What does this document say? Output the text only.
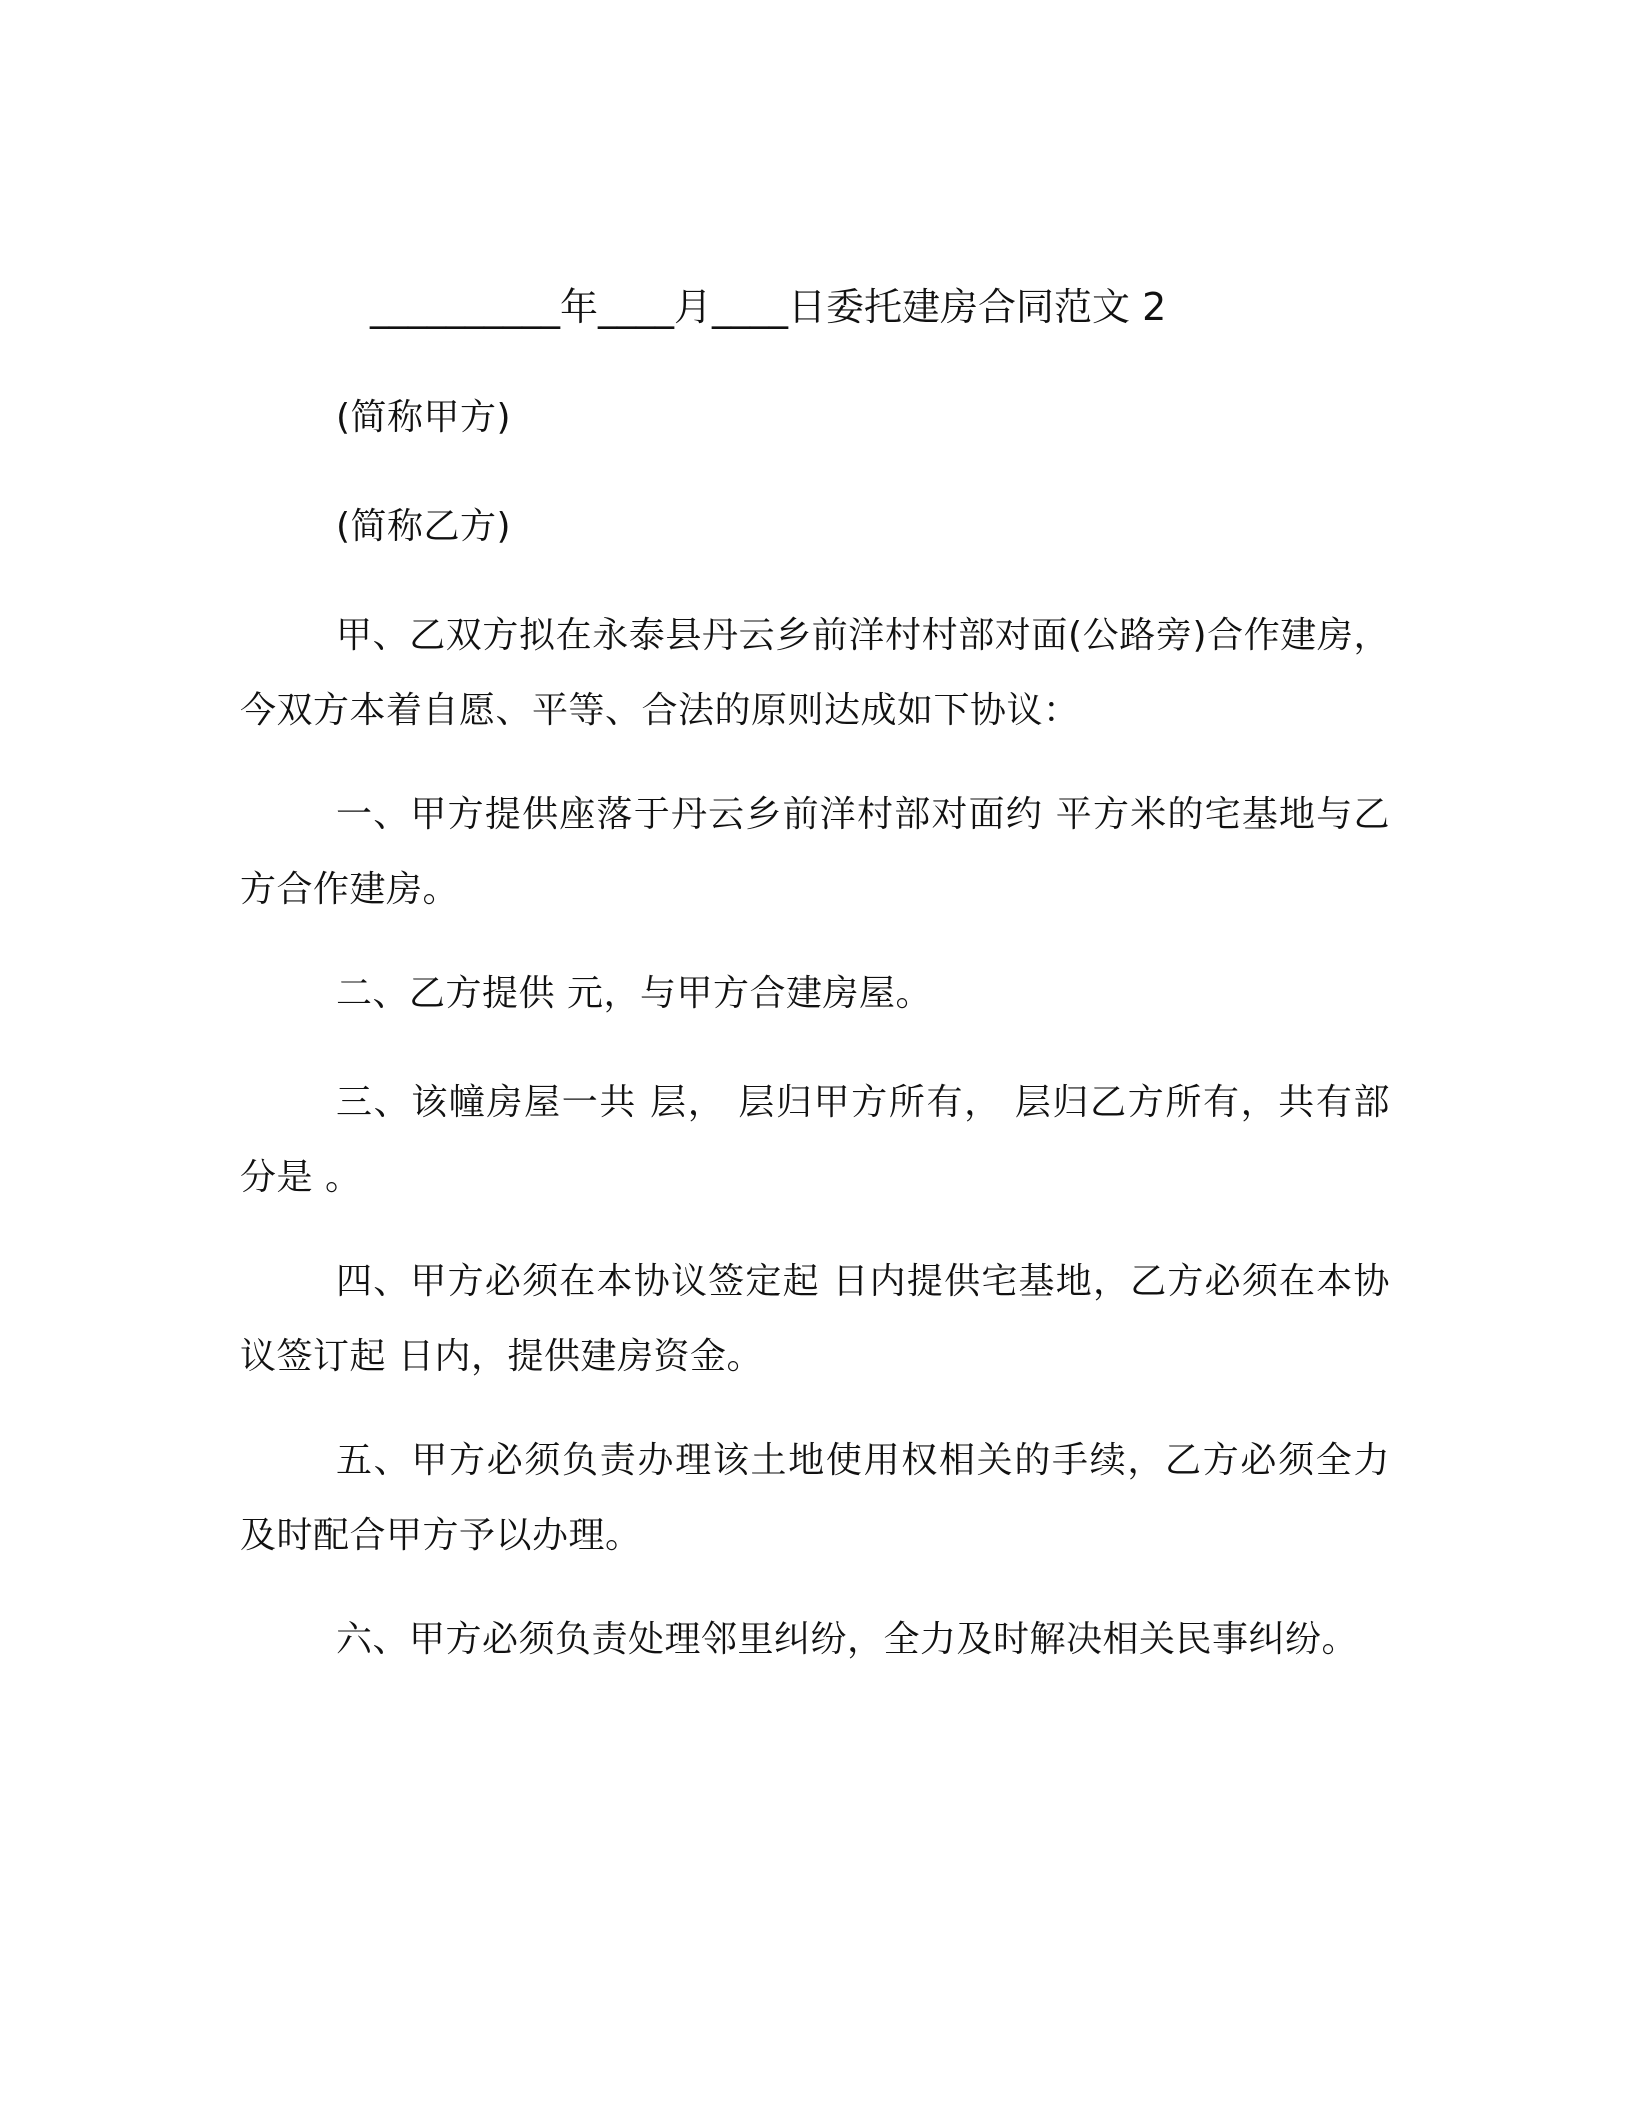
__________年____月____日委托建房合同范文 2
(简称甲方)
(简称乙方)
甲、乙双方拟在永泰县丹云乡前洋村村部对面(公路旁)合作建房，今双方本着自愿、平等、合法的原则达成如下协议：
一、甲方提供座落于丹云乡前洋村部对面约 平方米的宅基地与乙方合作建房。
二、乙方提供 元，与甲方合建房屋。
三、该幢房屋一共 层， 层归甲方所有， 层归乙方所有，共有部分是 。
四、甲方必须在本协议签定起 日内提供宅基地，乙方必须在本协议签订起 日内，提供建房资金。
五、甲方必须负责办理该土地使用权相关的手续，乙方必须全力及时配合甲方予以办理。
六、甲方必须负责处理邻里纠纷，全力及时解决相关民事纠纷。
